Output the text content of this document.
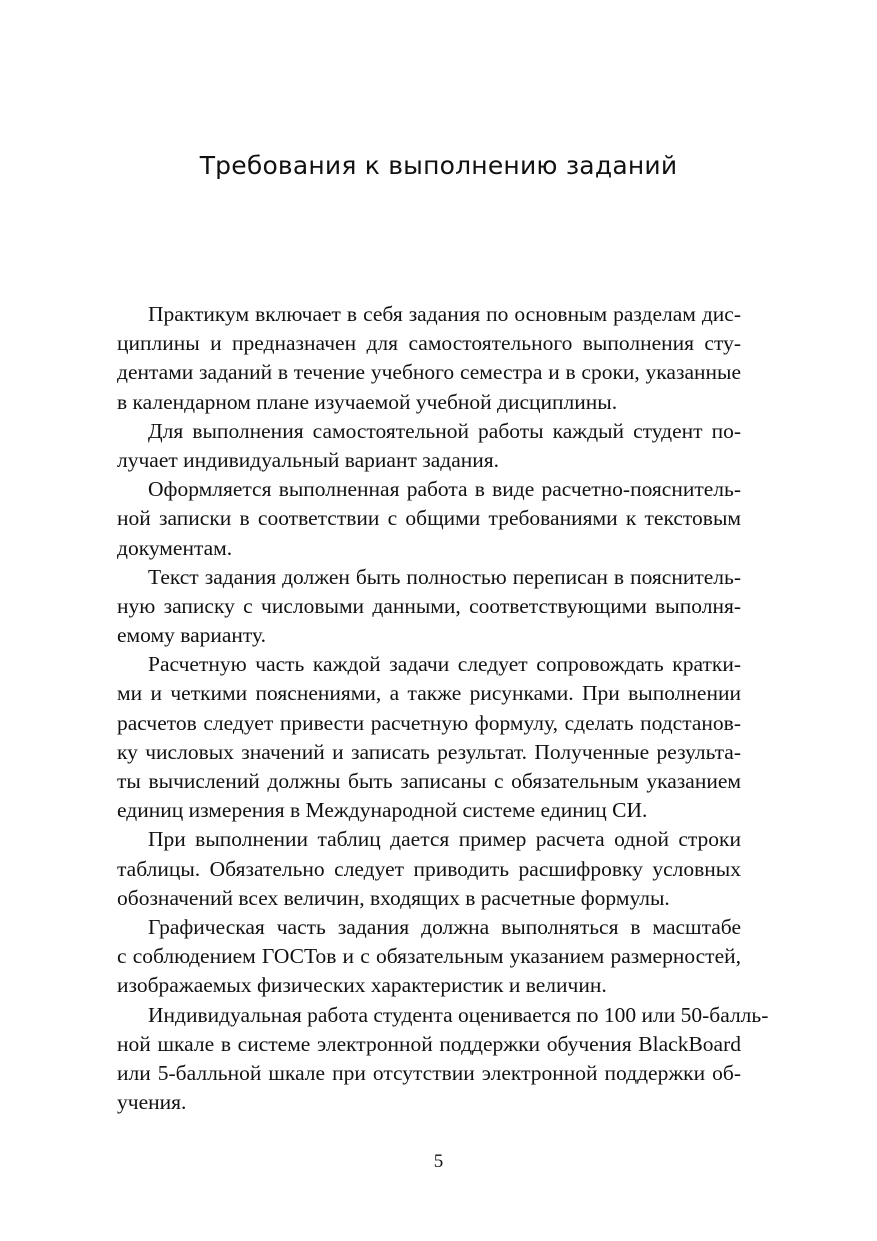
Требования к выполнению заданий
Практикум включает в себя задания по основным разделам дис-
циплины и предназначен для самостоятельного выполнения сту-
дентами заданий в течение учебного семестра и в сроки, указанные
в календарном плане изучаемой учебной дисциплины.
Для выполнения самостоятельной работы каждый студент по-
лучает индивидуальный вариант задания.
Оформляется выполненная работа в виде расчетно-пояснитель-
ной записки в соответствии с общими требованиями к текстовым
документам.
Текст задания должен быть полностью переписан в пояснитель-
ную записку с числовыми данными, соответствующими выполня-
емому варианту.
Расчетную часть каждой задачи следует сопровождать кратки-
ми и четкими пояснениями, а также рисунками. При выполнении
расчетов следует привести расчетную формулу, сделать подстанов-
ку числовых значений и записать результат. Полученные результа-
ты вычислений должны быть записаны с обязательным указанием
единиц измерения в Международной системе единиц СИ.
При выполнении таблиц дается пример расчета одной строки
таблицы. Обязательно следует приводить расшифровку условных
обозначений всех величин, входящих в расчетные формулы.
Графическая часть задания должна выполняться в масштабе
с соблюдением ГОСТов и с обязательным указанием размерностей,
изображаемых физических характеристик и величин.
Индивидуальная работа студента оценивается по 100 или 50-балль-
ной шкале в системе электронной поддержки обучения BlackBoard
или 5-балльной шкале при отсутствии электронной поддержки об-
учения.
5
